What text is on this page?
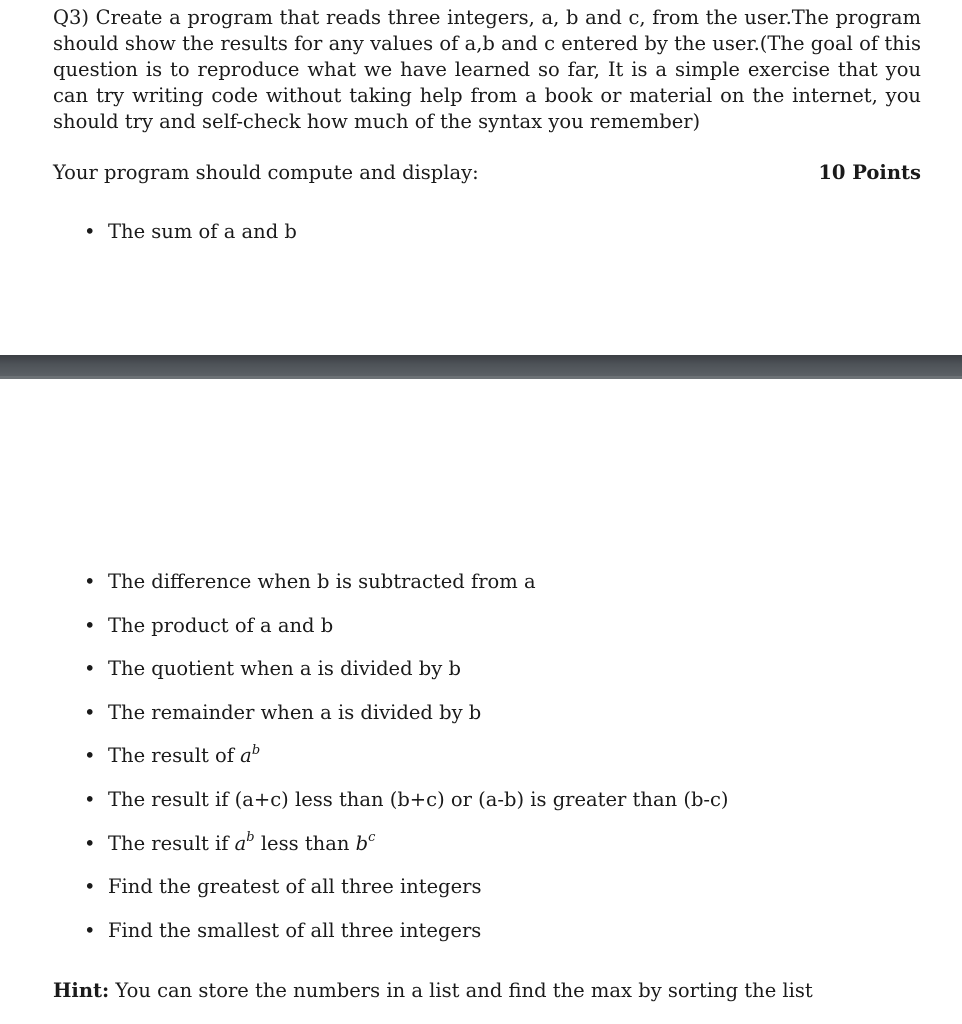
Q3) Create a program that reads three integers, a, b and c, from the user.The program should show the results for any values of a,b and c entered by the user.(The goal of this question is to reproduce what we have learned so far, It is a simple exercise that you can try writing code without taking help from a book or material on the internet, you should try and self-check how much of the syntax you remember)
Your program should compute and display:	10 Points
• The sum of a and b
• The difference when b is subtracted from a
• The product of a and b
• The quotient when a is divided by b
• The remainder when a is divided by b
• The result of $a^b$
• The result if (a+c) less than (b+c) or (a-b) is greater than (b-c)
• The result if $a^b$ less than $b^c$
• Find the greatest of all three integers
• Find the smallest of all three integers
Hint: You can store the numbers in a list and find the max by sorting the list
